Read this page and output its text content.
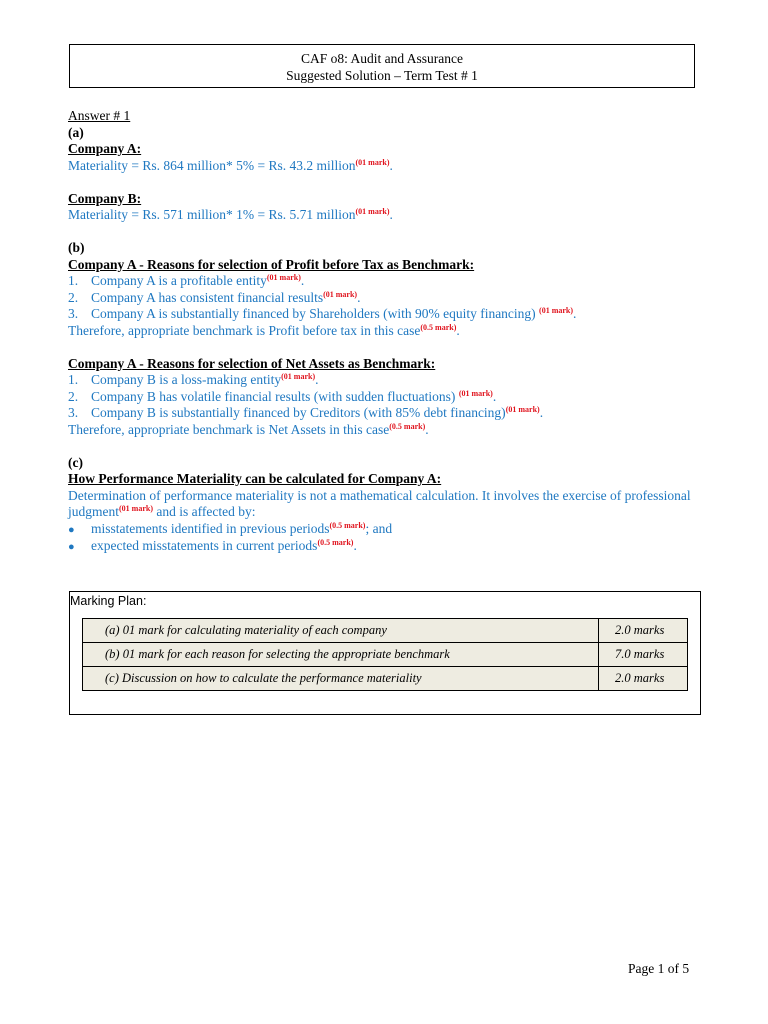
CAF o8: Audit and Assurance
Suggested Solution – Term Test # 1
Answer # 1
(a)
Company A:
Materiality = Rs. 864 million* 5% = Rs. 43.2 million$^{(01 mark)}$.
Company B:
Materiality = Rs. 571 million* 1% = Rs. 5.71 million$^{(01 mark)}$.
(b)
Company A - Reasons for selection of Profit before Tax as Benchmark:
1. Company A is a profitable entity$^{(01 mark)}$.
2. Company A has consistent financial results$^{(01 mark)}$.
3. Company A is substantially financed by Shareholders (with 90% equity financing) $^{(01 mark)}$.
Therefore, appropriate benchmark is Profit before tax in this case$^{(0.5 mark)}$.
Company A - Reasons for selection of Net Assets as Benchmark:
1. Company B is a loss-making entity$^{(01 mark)}$.
2. Company B has volatile financial results (with sudden fluctuations) $^{(01 mark)}$.
3. Company B is substantially financed by Creditors (with 85% debt financing)$^{(01 mark)}$.
Therefore, appropriate benchmark is Net Assets in this case$^{(0.5 mark)}$.
(c)
How Performance Materiality can be calculated for Company A:
Determination of performance materiality is not a mathematical calculation. It involves the exercise of professional judgment$^{(01 mark)}$ and is affected by:
● misstatements identified in previous periods$^{(0.5 mark)}$; and
● expected misstatements in current periods$^{(0.5 mark)}$.
Marking Plan:
(a) 01 mark for calculating materiality of each company	2.0 marks
(b) 01 mark for each reason for selecting the appropriate benchmark	7.0 marks
(c) Discussion on how to calculate the performance materiality	2.0 marks
Page 1 of 5
